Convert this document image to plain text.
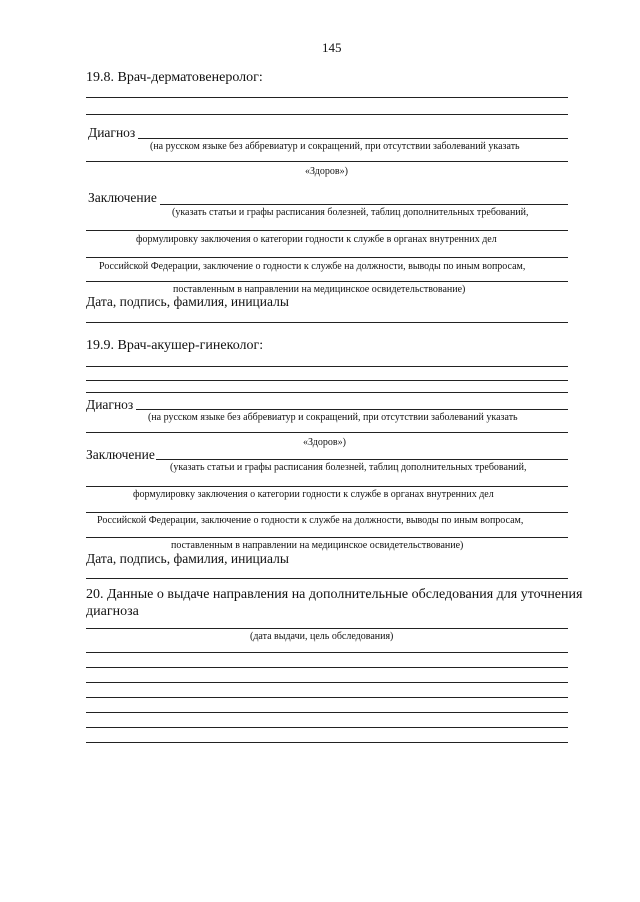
145
19.8. Врач-дерматовенеролог:
Диагноз
(на русском языке без аббревиатур и сокращений, при отсутствии заболеваний указать
«Здоров»)
Заключение
(указать статьи и графы расписания болезней, таблиц дополнительных требований,
формулировку заключения о категории годности к службе в органах внутренних дел
Российской Федерации, заключение о годности к службе на должности, выводы по иным вопросам,
поставленным в направлении на медицинское освидетельствование)
Дата, подпись, фамилия, инициалы
19.9. Врач-акушер-гинеколог:
Диагноз
(на русском языке без аббревиатур и сокращений, при отсутствии заболеваний указать
«Здоров»)
Заключение
(указать статьи и графы расписания болезней, таблиц дополнительных требований,
формулировку заключения о категории годности к службе в органах внутренних дел
Российской Федерации, заключение о годности к службе на должности, выводы по иным вопросам,
поставленным в направлении на медицинское освидетельствование)
Дата, подпись, фамилия, инициалы
20. Данные о выдаче направления на дополнительные обследования для уточнения
диагноза
(дата выдачи, цель обследования)
